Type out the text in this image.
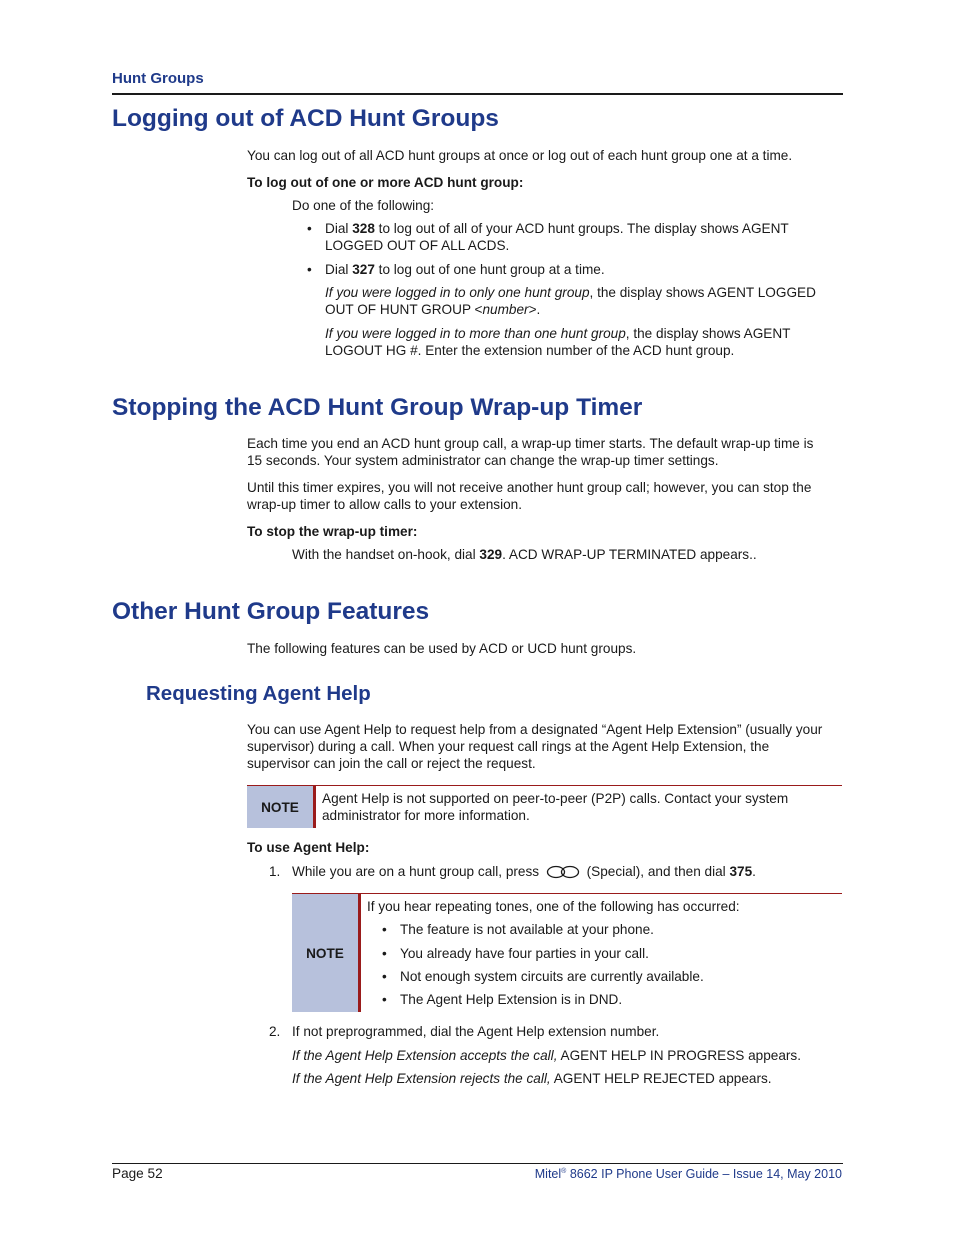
Hunt Groups
Logging out of ACD Hunt Groups

You can log out of all ACD hunt groups at once or log out of each hunt group one at a time.

To log out of one or more ACD hunt group:

Do one of the following:

• Dial 328 to log out of all of your ACD hunt groups. The display shows AGENT
LOGGED OUT OF ALL ACDS.
• Dial 327 to log out of one hunt group at a time.

If you were logged in to only one hunt group, the display shows AGENT LOGGED
OUT OF HUNT GROUP <number>.

If you were logged in to more than one hunt group, the display shows AGENT
LOGOUT HG #. Enter the extension number of the ACD hunt group.

Stopping the ACD Hunt Group Wrap-up Timer

Each time you end an ACD hunt group call, a wrap-up timer starts. The default wrap-up time is
15 seconds. Your system administrator can change the wrap-up timer settings.

Until this timer expires, you will not receive another hunt group call; however, you can stop the
wrap-up timer to allow calls to your extension.

To stop the wrap-up timer:

With the handset on-hook, dial 329. ACD WRAP-UP TERMINATED appears..

Other Hunt Group Features

The following features can be used by ACD or UCD hunt groups.

Requesting Agent Help

You can use Agent Help to request help from a designated “Agent Help Extension” (usually your
supervisor) during a call. When your request call rings at the Agent Help Extension, the
supervisor can join the call or reject the request.

NOTE

Agent Help is not supported on peer-to-peer (P2P) calls. Contact your system
administrator for more information.

To use Agent Help:

1. While you are on a hunt group call, press	(Special), and then dial 375.

NOTE

If you hear repeating tones, one of the following has occurred:

• The feature is not available at your phone.
• You already have four parties in your call.
• Not enough system circuits are currently available.
• The Agent Help Extension is in DND.

2. If not preprogrammed, dial the Agent Help extension number.

If the Agent Help Extension accepts the call, AGENT HELP IN PROGRESS appears.

If the Agent Help Extension rejects the call, AGENT HELP REJECTED appears.

Page 52	Mitel® 8662 IP Phone User Guide – Issue 14, May 2010
